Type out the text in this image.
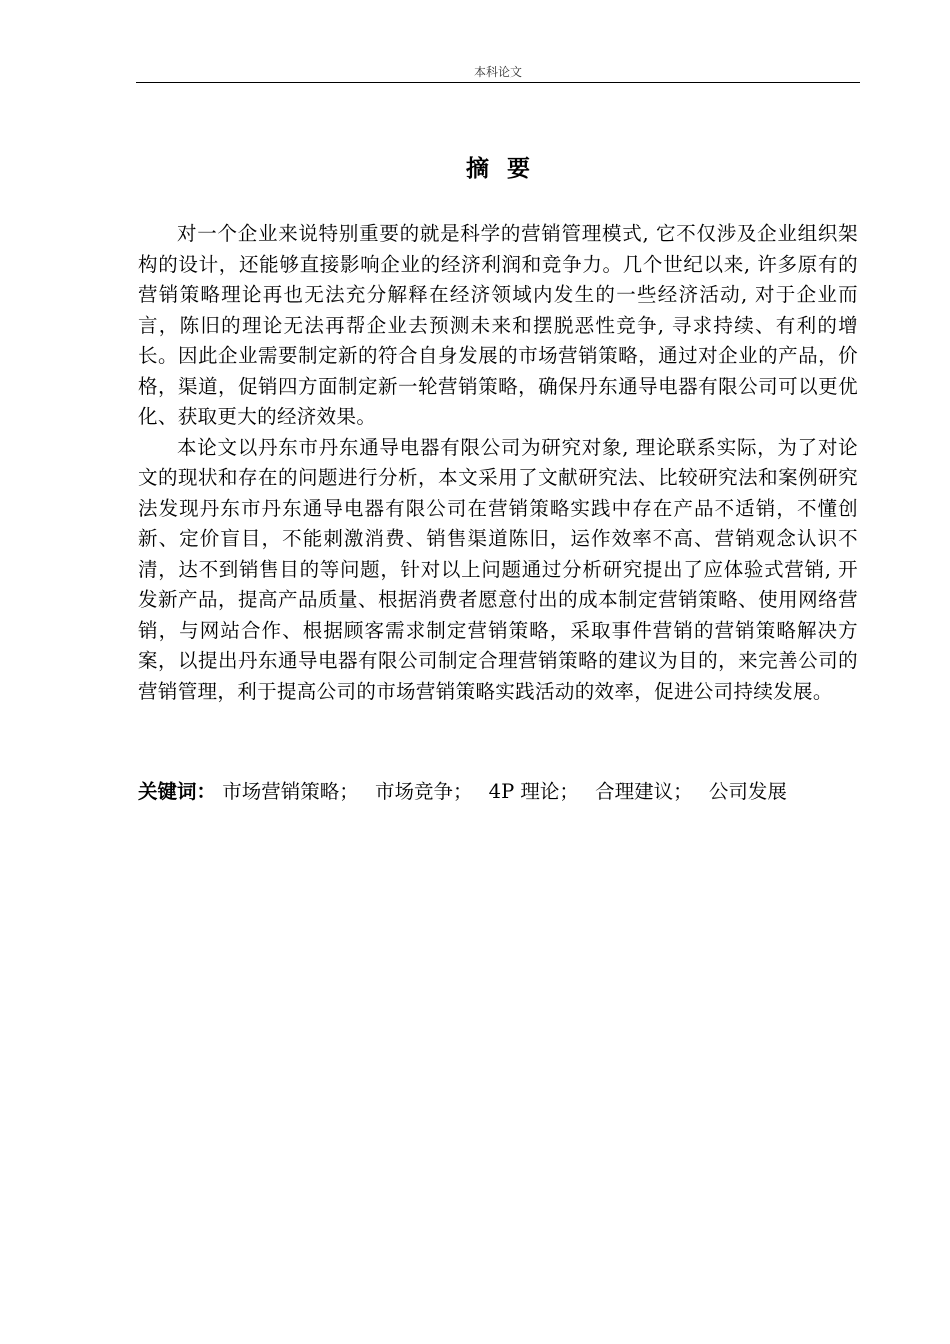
本科论文
摘要

对一个企业来说特别重要的就是科学的营销管理模式, 它不仅涉及企业组织架构的设计，还能够直接影响企业的经济利润和竞争力。几个世纪以来, 许多原有的营销策略理论再也无法充分解释在经济领域内发生的一些经济活动, 对于企业而言，陈旧的理论无法再帮企业去预测未来和摆脱恶性竞争, 寻求持续、有利的增长。因此企业需要制定新的符合自身发展的市场营销策略，通过对企业的产品，价格，渠道，促销四方面制定新一轮营销策略，确保丹东通导电器有限公司可以更优化、获取更大的经济效果。

本论文以丹东市丹东通导电器有限公司为研究对象, 理论联系实际，为了对论文的现状和存在的问题进行分析，本文采用了文献研究法、比较研究法和案例研究法发现丹东市丹东通导电器有限公司在营销策略实践中存在产品不适销，不懂创新、定价盲目，不能刺激消费、销售渠道陈旧，运作效率不高、营销观念认识不清，达不到销售目的等问题，针对以上问题通过分析研究提出了应体验式营销, 开发新产品，提高产品质量、根据消费者愿意付出的成本制定营销策略、使用网络营销，与网站合作、根据顾客需求制定营销策略，采取事件营销的营销策略解决方案，以提出丹东通导电器有限公司制定合理营销策略的建议为目的，来完善公司的营销管理，利于提高公司的市场营销策略实践活动的效率，促进公司持续发展。

关键词： 市场营销策略； 市场竞争； 4P 理论； 合理建议； 公司发展
